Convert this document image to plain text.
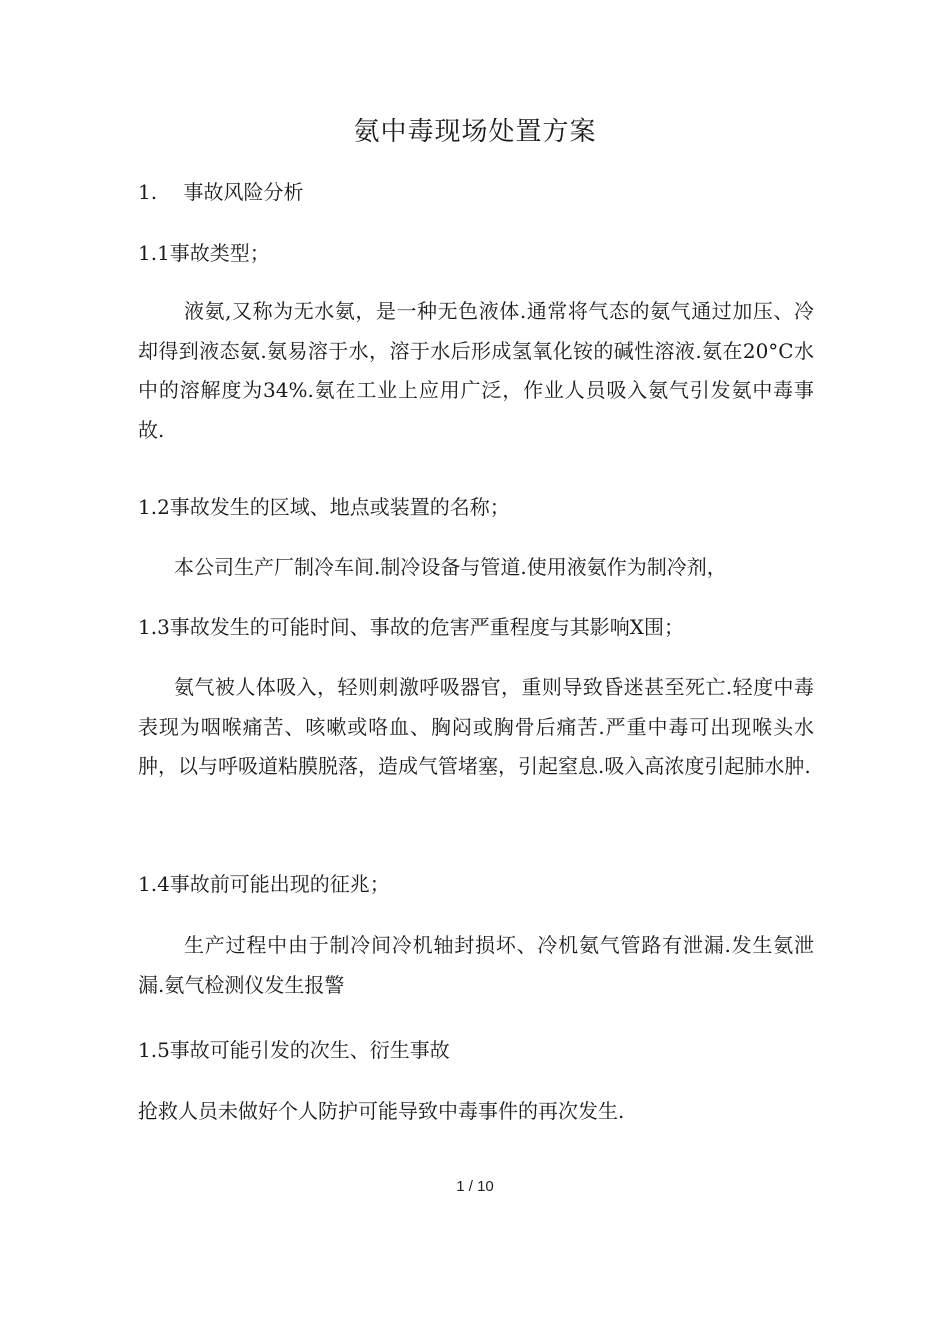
氨中毒现场处置方案
1. 事故风险分析
1.1事故类型；
液氨,又称为无水氨，是一种无色液体.通常将气态的氨气通过加压、冷却得到液态氨.氨易溶于水，溶于水后形成氢氧化铵的碱性溶液.氨在20°C水中的溶解度为34%.氨在工业上应用广泛，作业人员吸入氨气引发氨中毒事故.
1.2事故发生的区域、地点或装置的名称；
本公司生产厂制冷车间.制冷设备与管道.使用液氨作为制冷剂，
1.3事故发生的可能时间、事故的危害严重程度与其影响X围；
氨气被人体吸入，轻则刺激呼吸器官，重则导致昏迷甚至死亡.轻度中毒表现为咽喉痛苦、咳嗽或咯血、胸闷或胸骨后痛苦.严重中毒可出现喉头水肿，以与呼吸道粘膜脱落，造成气管堵塞，引起窒息.吸入高浓度引起肺水肿.
1.4事故前可能出现的征兆；
生产过程中由于制冷间冷机轴封损坏、冷机氨气管路有泄漏.发生氨泄漏.氨气检测仪发生报警
1.5事故可能引发的次生、衍生事故
抢救人员未做好个人防护可能导致中毒事件的再次发生.
1 / 10
